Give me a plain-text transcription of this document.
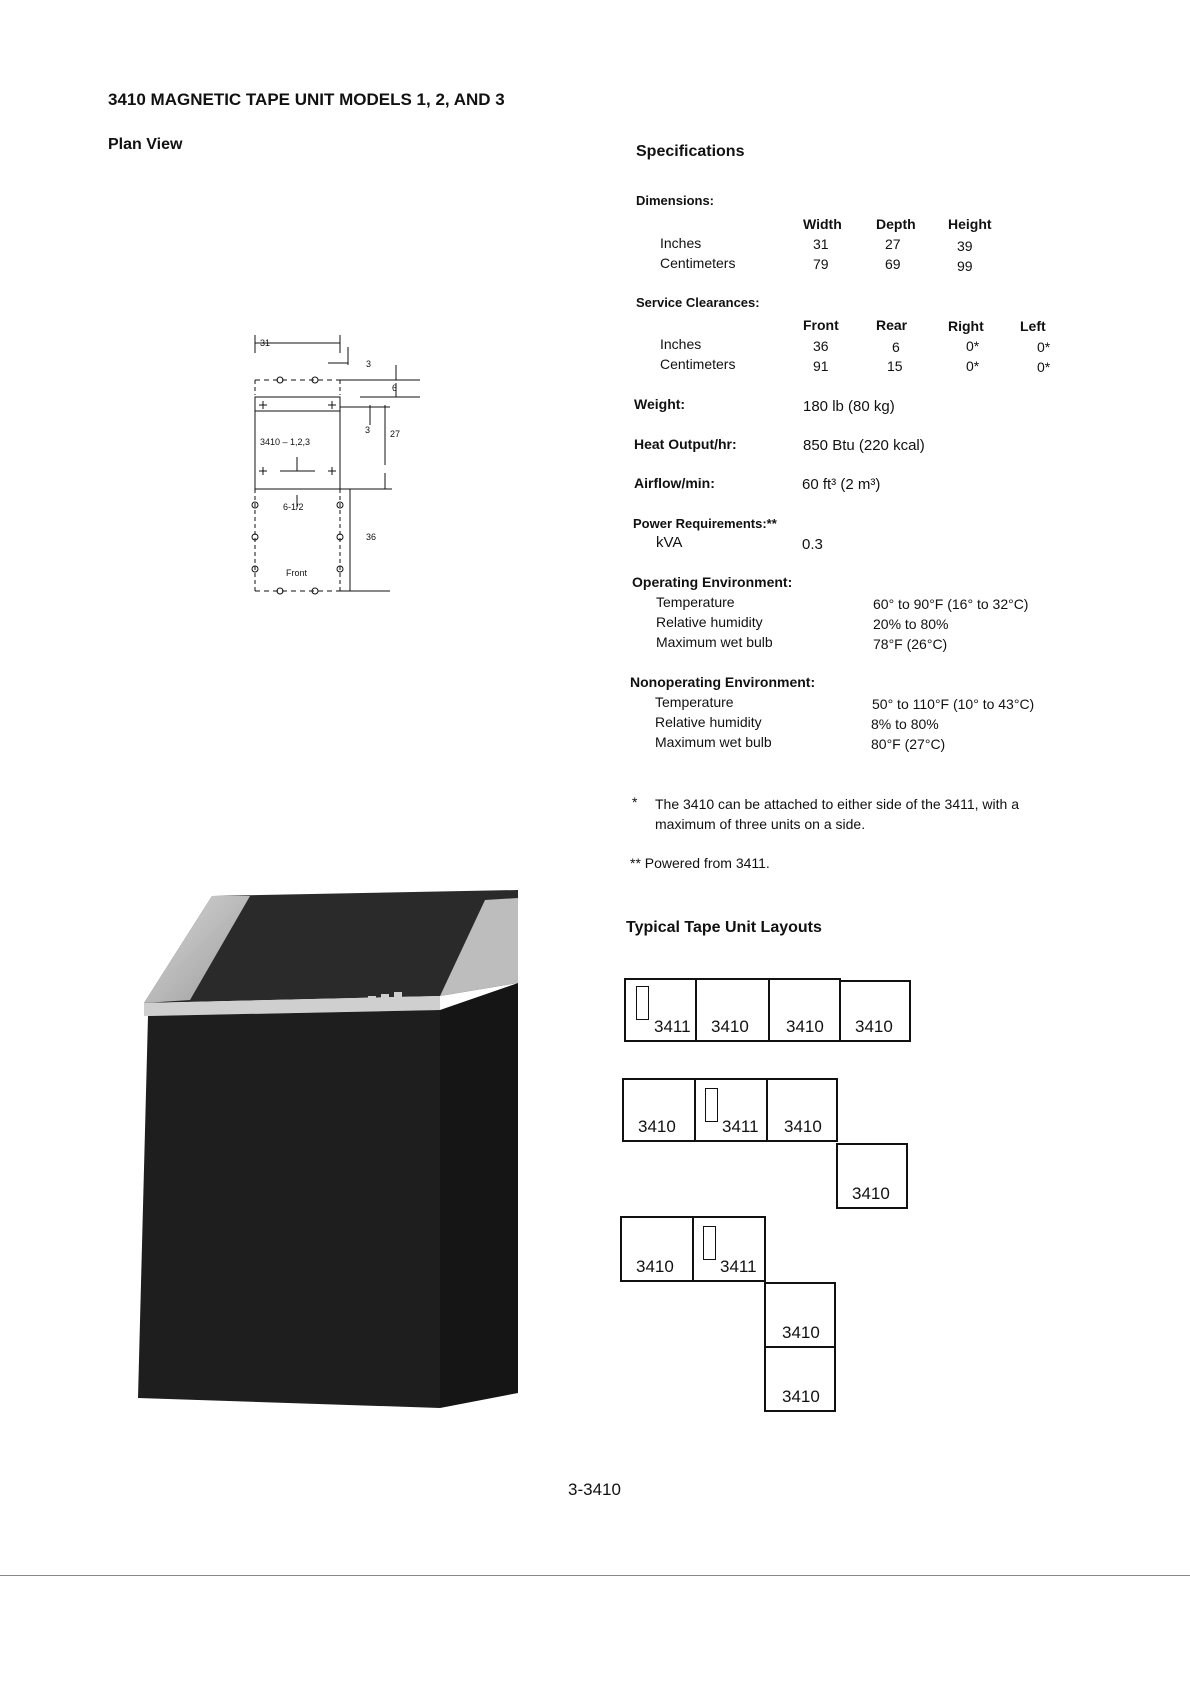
3410 MAGNETIC TAPE UNIT MODELS 1, 2, AND 3
Plan View
31
3
6
3 27
3410 – 1,2,3
6-1/2
36
Front
Specifications
Dimensions:
Width Depth Height
Inches	31	27	39
Centimeters	79	69	99
Service Clearances:
Front	Rear	Right	Left
Inches	36	6	0*	0*
Centimeters	91	15	0*	0*
Weight:	180 lb (80 kg)
Heat Output/hr:	850 Btu (220 kcal)
Airflow/min:	60 ft³ (2 m³)
Power Requirements:**
kVA	0.3
Operating Environment:
Temperature	60° to 90°F (16° to 32°C)
Relative humidity	20% to 80%
Maximum wet bulb	78°F (26°C)
Nonoperating Environment:
Temperature	50° to 110°F (10° to 43°C)
Relative humidity	8% to 80%
Maximum wet bulb	80°F (27°C)
* The 3410 can be attached to either side of the 3411, with a
maximum of three units on a side.
** Powered from 3411.
Typical Tape Unit Layouts
3411 3410 3410 3410
3410	3411 3410
3410
3410	3411
3410
3410
3-3410
